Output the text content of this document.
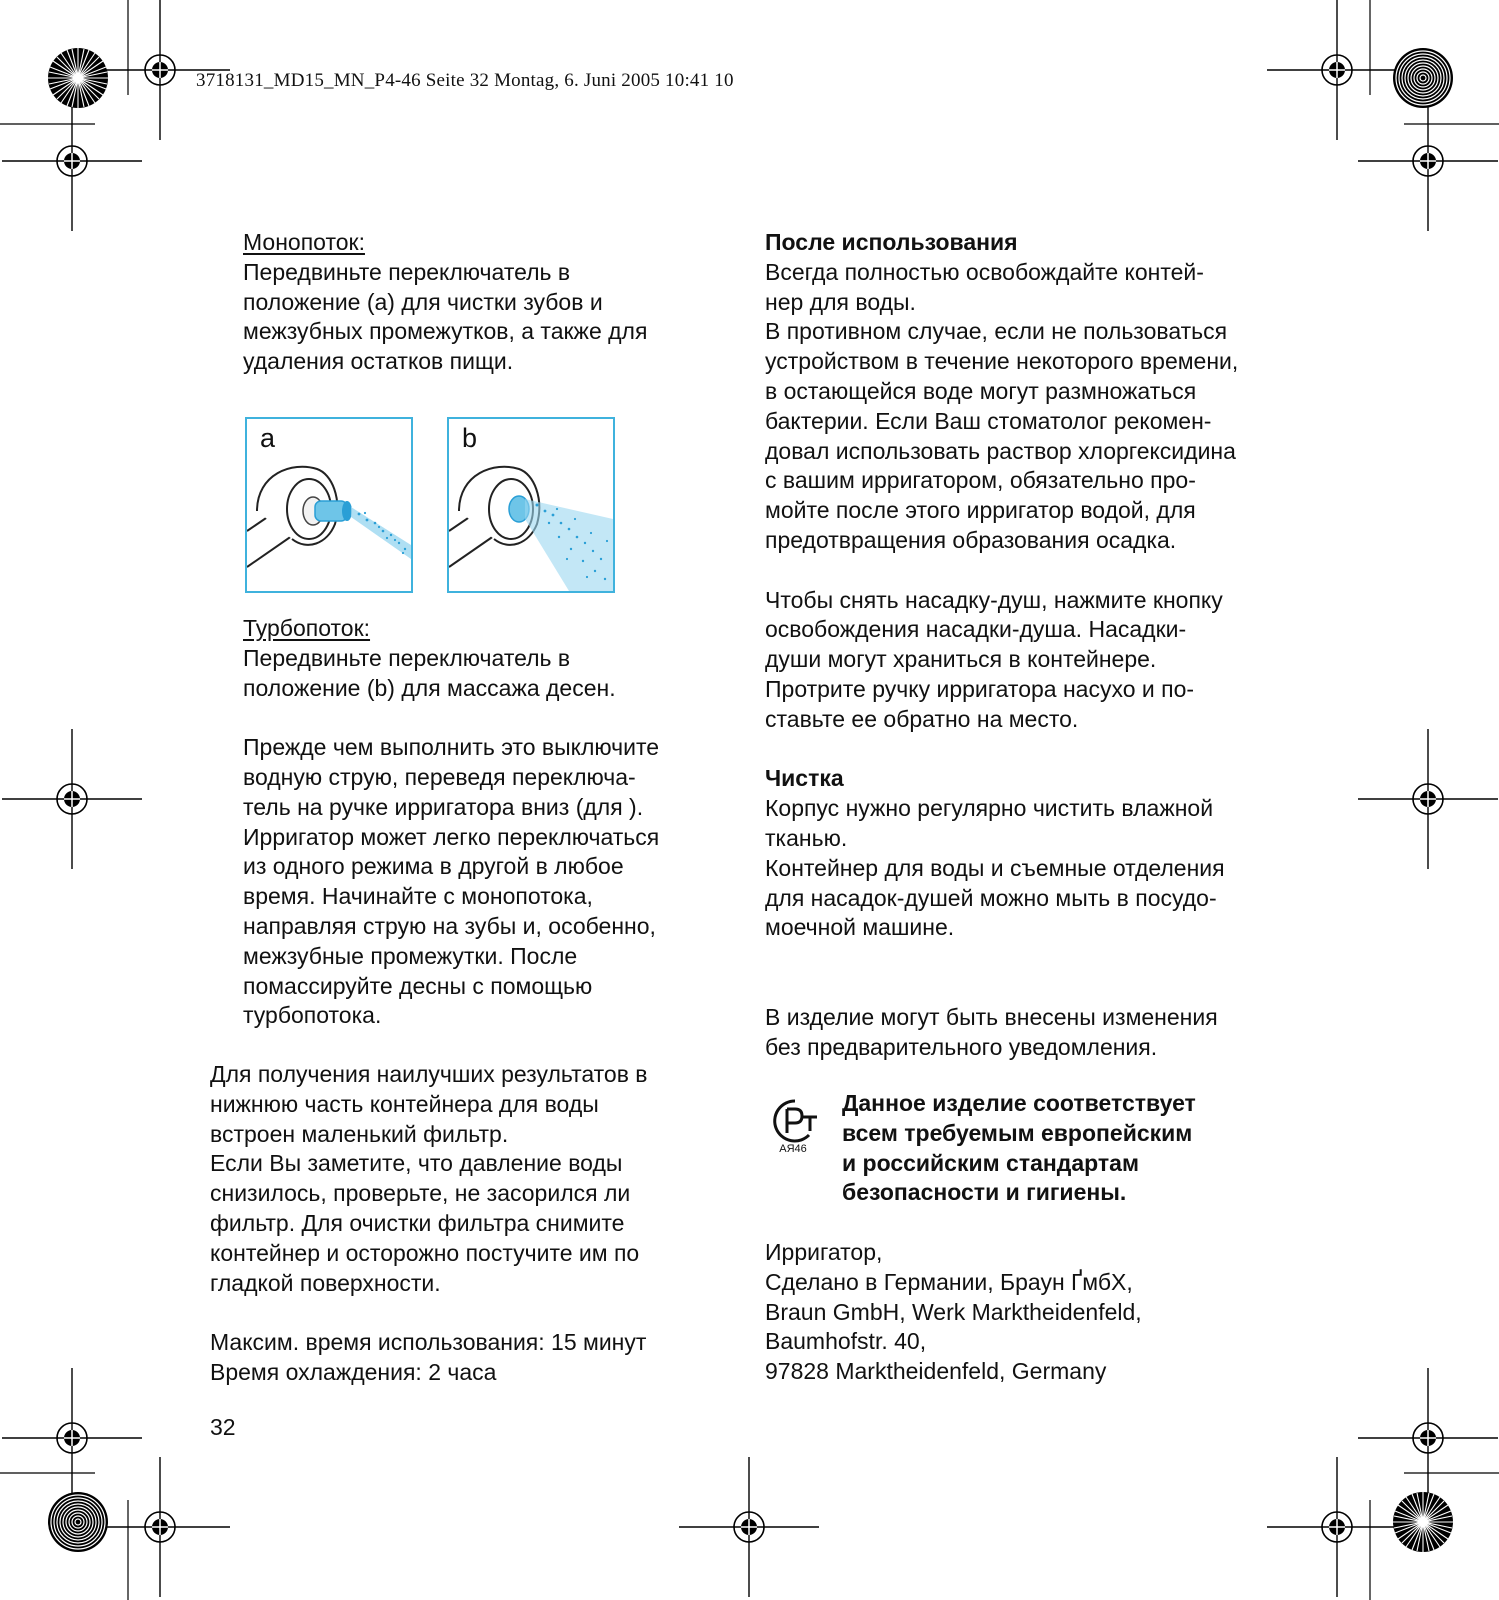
3718131_MD15_MN_P4-46 Seite 32 Montag, 6. Juni 2005 10:41 10

Монопоток:

Передвиньте переключатель в

положение (a) для чистки зубов и

межзубных промежутков, а также для

удаления остатков пищи.

a	b

Турбопоток:

Передвиньте переключатель в

положение (b) для массажа десен.

Прежде чем выполнить это выключите

водную струю, переведя переключа-

тель на ручке ирригатора вниз (для ).

Ирригатор может легко переключаться

из одного режима в другой в любое

время. Начинайте с монопотока,

направляя струю на зубы и, особенно,

межзубные промежутки. После

помассируйте десны с помощью

турбопотока.

Для получения наилучших результатов в

нижнюю часть контейнера для воды

встроен маленький фильтр.

Если Вы заметите, что давление воды

снизилось, проверьте, не засорился ли

фильтр. Для очистки фильтра снимите

контейнер и осторожно постучите им по

гладкой поверхности.

Максим. время использования: 15 минут

Время охлаждения: 2 часа

После использования

Всегда полностью освобождайте контей-

нер для воды.

В противном случае, если не пользоваться

устройством в течение некоторого времени,

в остающейся воде могут размножаться

бактерии. Если Ваш стоматолог рекомен-

довал использовать раствор хлоргексидина

с вашим ирригатором, обязательно про-

мойте после этого ирригатор водой, для

предотвращения образования осадка.

Чтобы снять насадку-душ, нажмите кнопку

освобождения насадки-душа. Насадки-

души могут храниться в контейнере.

Протрите ручку ирригатора насухо и по-

ставьте ее обратно на место.

Чистка

Корпус нужно регулярно чистить влажной

тканью.

Контейнер для воды и съемные отделения

для насадок-душей можно мыть в посудо-

моечной машине.

В изделие могут быть внесены изменения

без предварительного уведомления.

АЯ46

Данное изделие соответствует

всем требуемым европейским

и российским стандартам

безопасности и гигиены.

Ирригатор,

Сделано в Германии, Браун ҐмбХ,

Braun GmbH, Werk Marktheidenfeld,

Baumhofstr. 40,

97828 Marktheidenfeld, Germany

32
